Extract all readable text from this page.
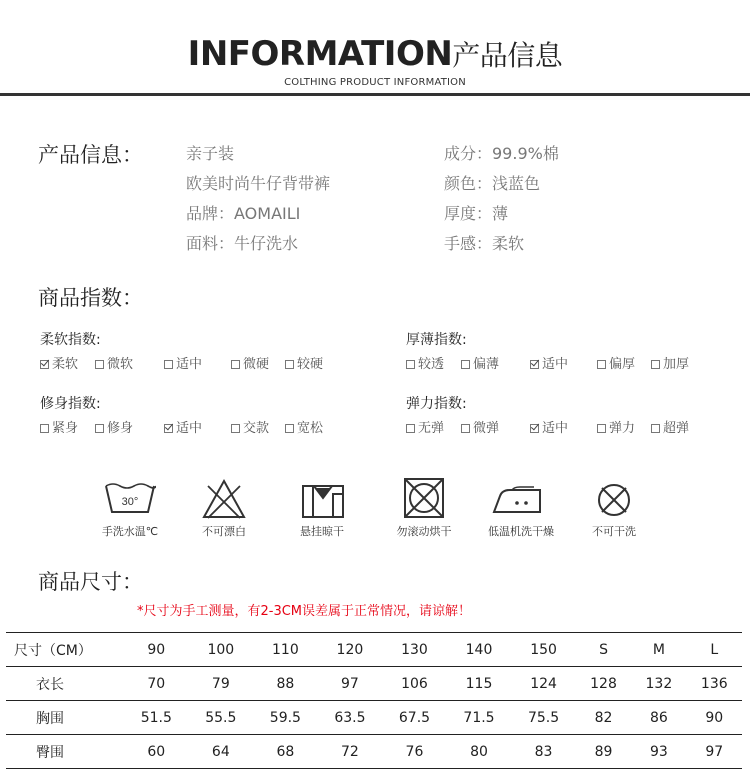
INFORMATION产品信息
COLTHING PRODUCT INFORMATION
产品信息：	亲子装
欧美时尚牛仔背带裤
品牌：AOMAILI
面料：牛仔洗水
成分：99.9%棉
颜色：浅蓝色
厚度：薄
手感：柔软
商品指数：
柔软指数:
柔软	微软	适中	微硬	较硬
厚薄指数:
较透	偏薄	适中	偏厚	加厚
修身指数:
紧身	修身	适中	交款	宽松
弹力指数:
无弹	微弹	适中	弹力	超弹
30°
手洗水温℃	不可漂白	悬挂晾干	勿滚动烘干	低温机洗干燥	不可干洗
商品尺寸：
*尺寸为手工测量，有2-3CM误差属于正常情况，请谅解！
尺寸（CM）	90	100	110	120	130	140	150	S	M	L
衣长	70	79	88	97	106	115	124	128	132	136
胸围	51.5	55.5	59.5	63.5	67.5	71.5	75.5	82	86	90
臀围	60	64	68	72	76	80	83	89	93	97
